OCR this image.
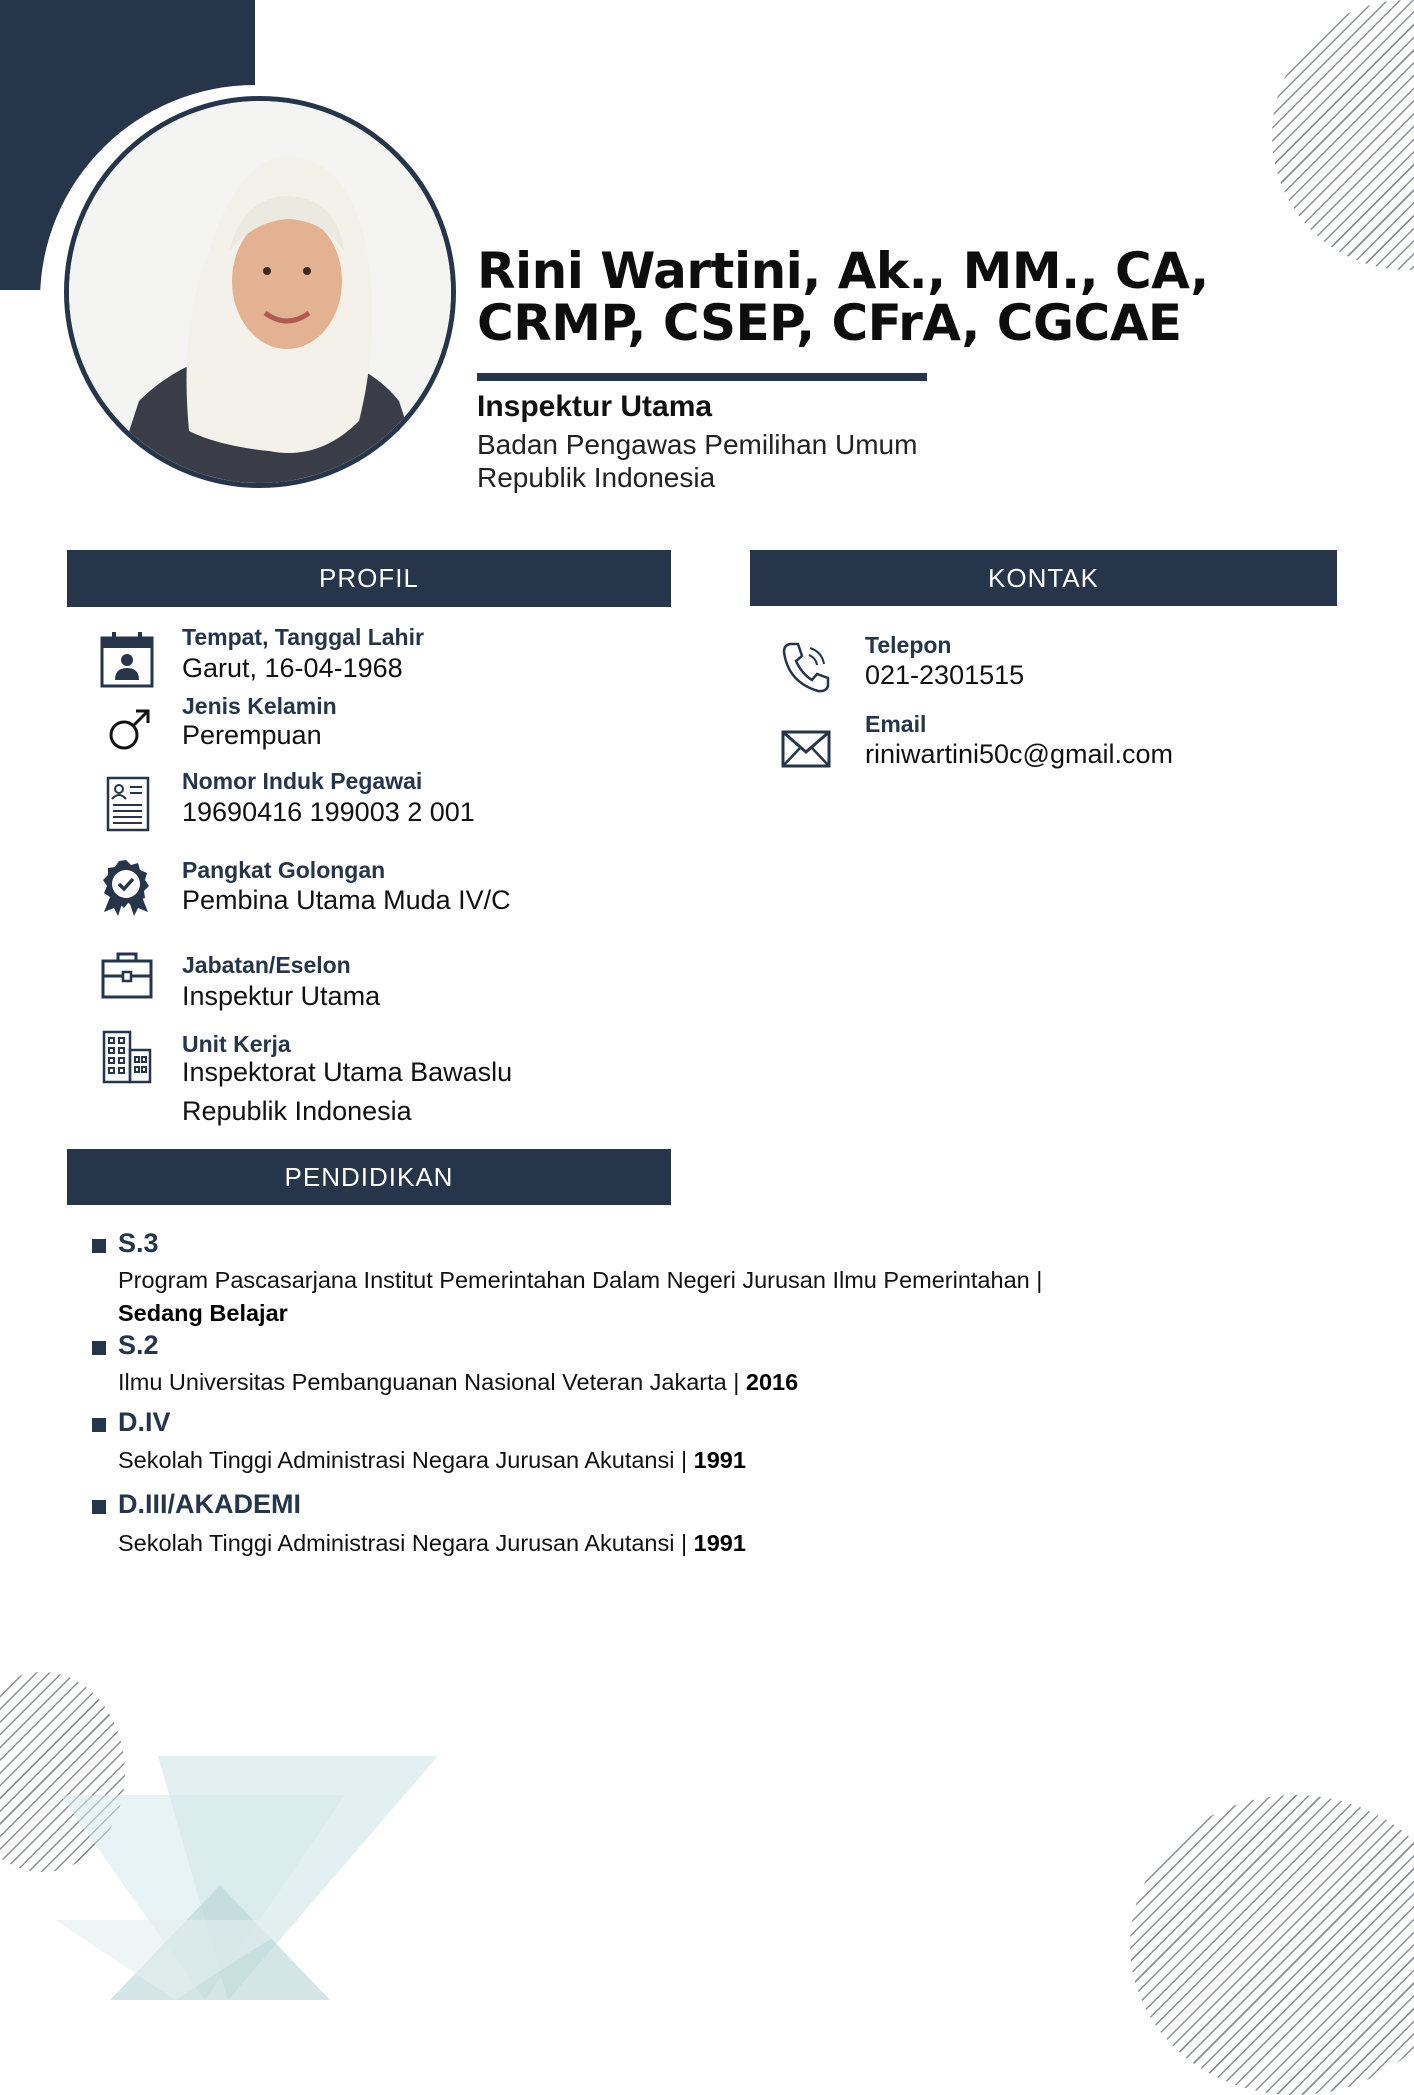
Rini Wartini, Ak., MM., CA,
CRMP, CSEP, CFrA, CGCAE
Inspektur Utama
Badan Pengawas Pemilihan Umum
Republik Indonesia
PROFIL	KONTAK
PENDIDIKAN
Tempat, Tanggal Lahir
Garut, 16-04-1968
Jenis Kelamin
Perempuan
Nomor Induk Pegawai
19690416 199003 2 001
Pangkat Golongan
Pembina Utama Muda IV/C
Jabatan/Eselon
Inspektur Utama
Unit Kerja
Inspektorat Utama Bawaslu
Republik Indonesia
Telepon
021-2301515
Email
riniwartini50c@gmail.com
S.3
Program Pascasarjana Institut Pemerintahan Dalam Negeri Jurusan Ilmu Pemerintahan | Sedang Belajar
S.2
Ilmu Universitas Pembanguanan Nasional Veteran Jakarta | 2016
D.IV
Sekolah Tinggi Administrasi Negara Jurusan Akutansi | 1991
D.III/AKADEMI
Sekolah Tinggi Administrasi Negara Jurusan Akutansi | 1991
